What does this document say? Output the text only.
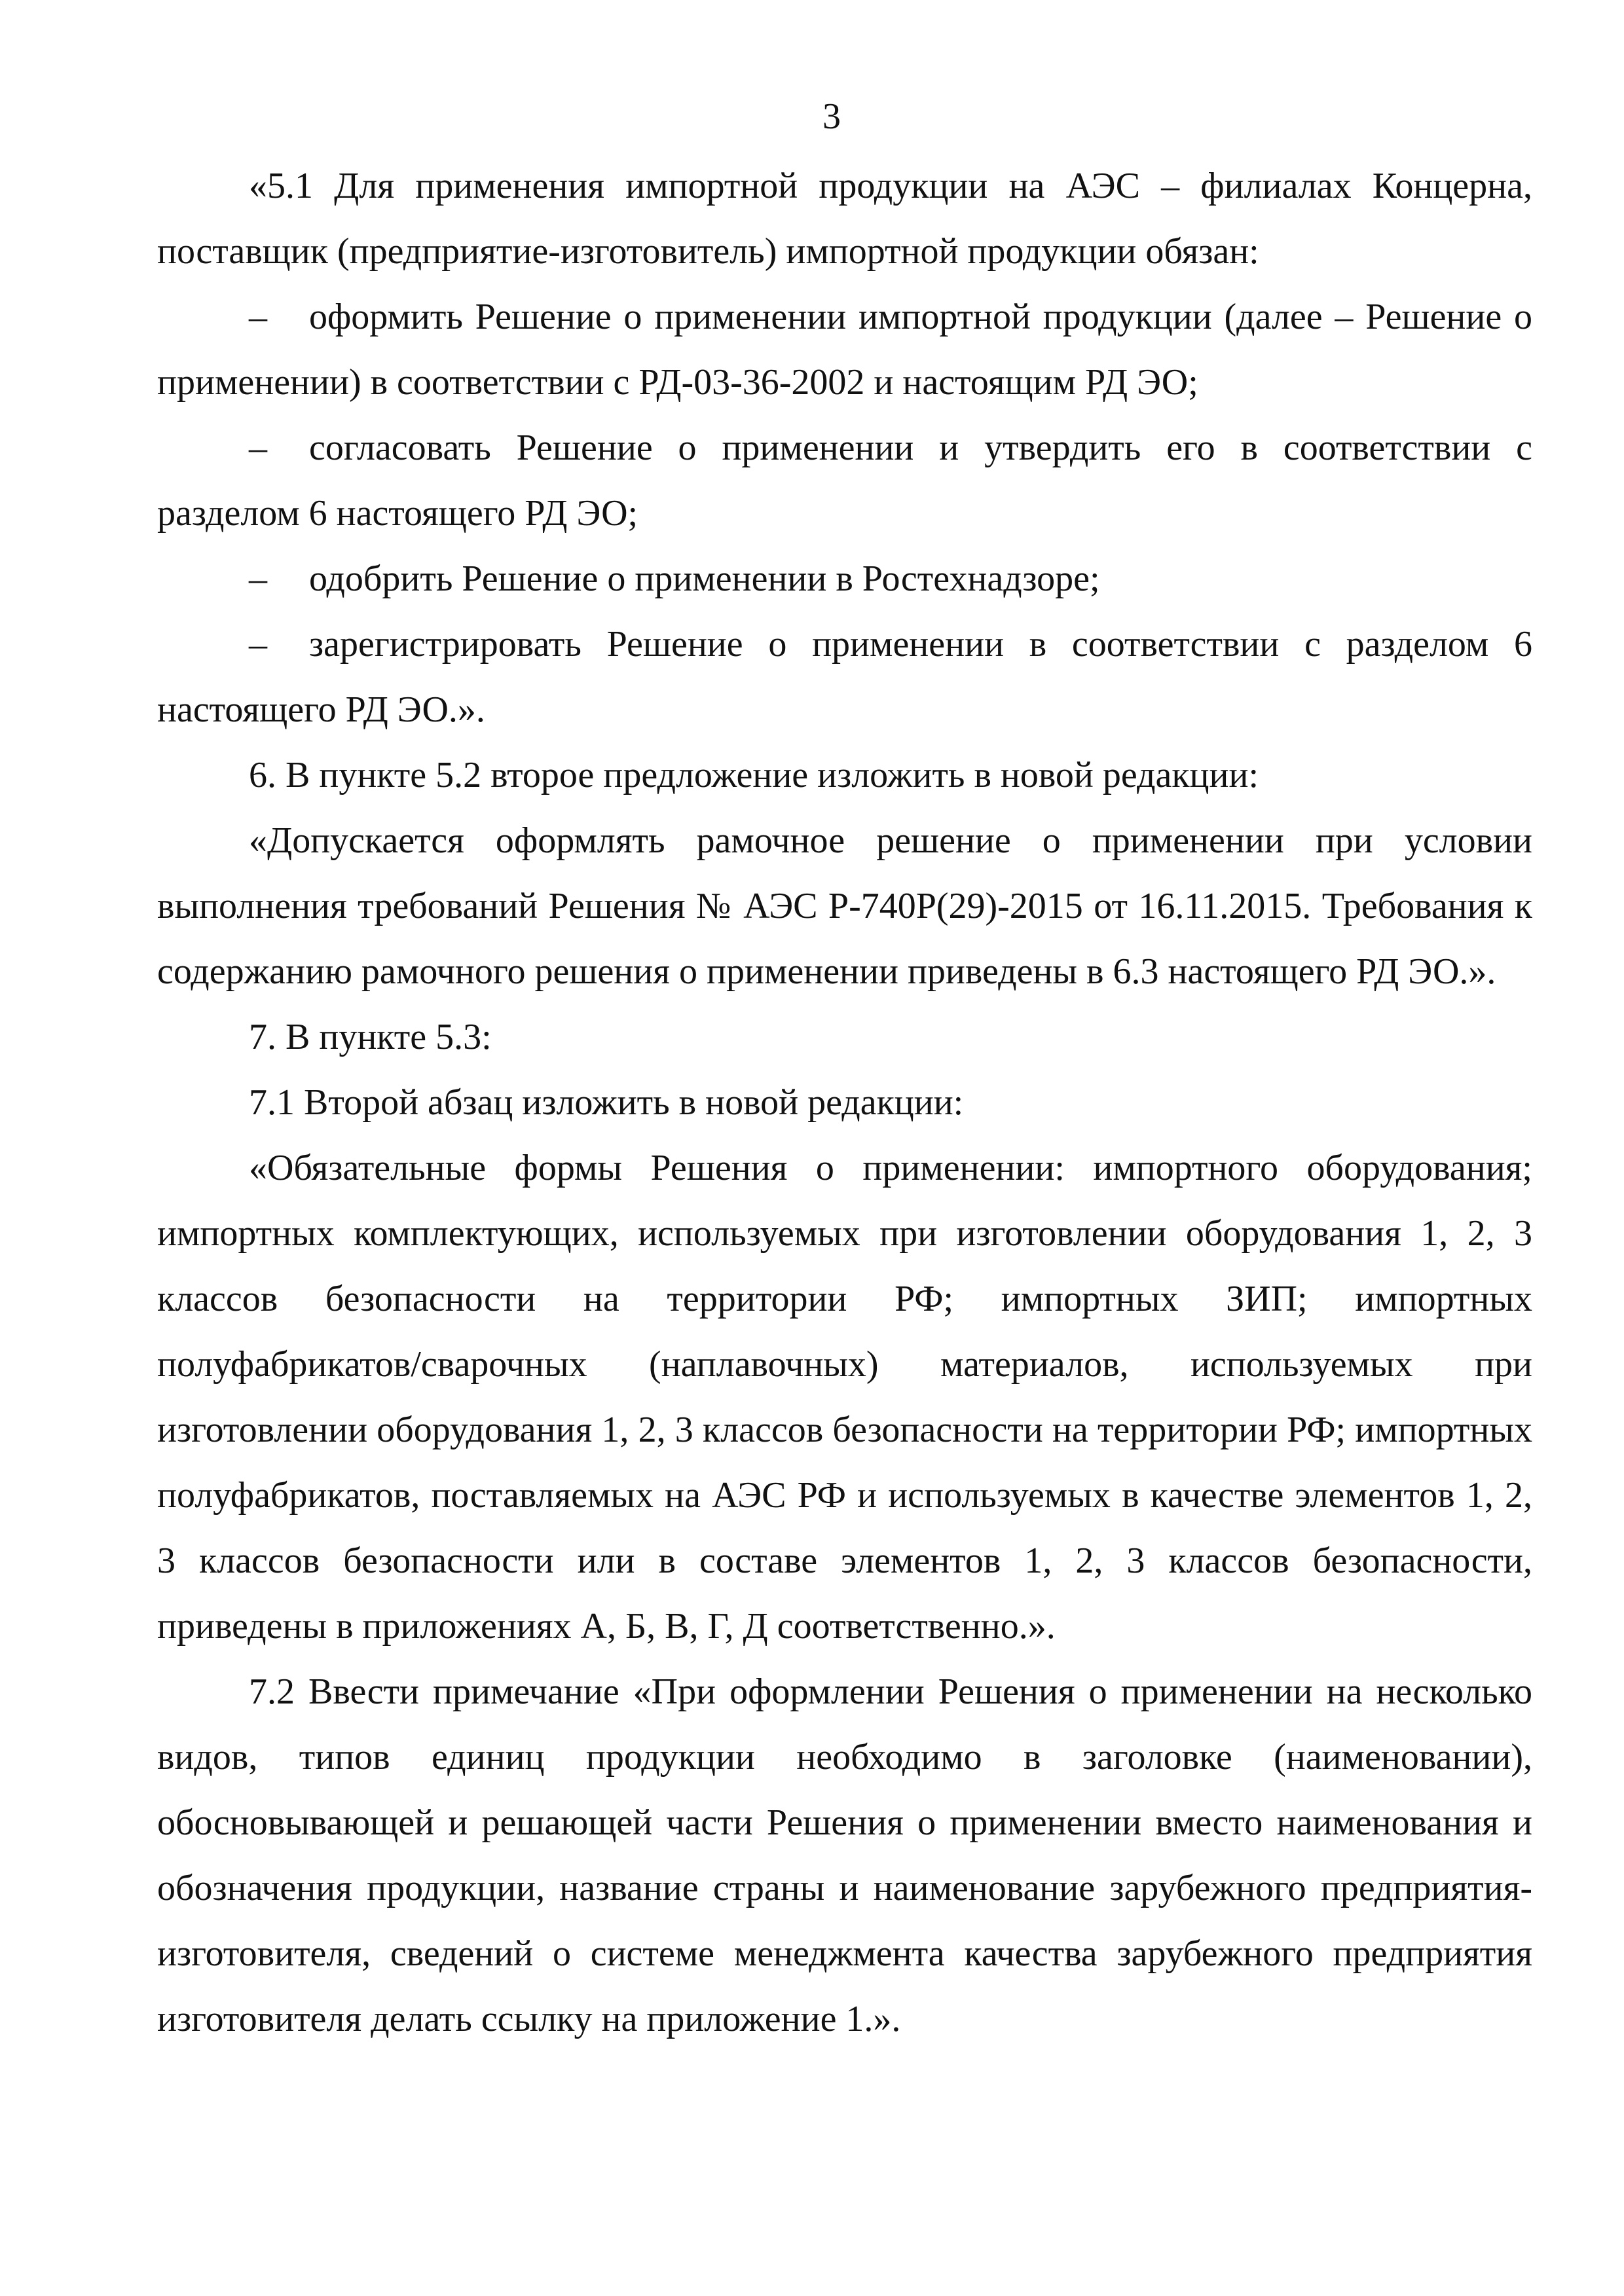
3

«5.1 Для применения импортной продукции на АЭС – филиалах Концерна, поставщик (предприятие-изготовитель) импортной продукции обязан:

– оформить Решение о применении импортной продукции (далее – Решение о применении) в соответствии с РД-03-36-2002 и настоящим РД ЭО;

– согласовать Решение о применении и утвердить его в соответствии с разделом 6 настоящего РД ЭО;

– одобрить Решение о применении в Ростехнадзоре;

– зарегистрировать Решение о применении в соответствии с разделом 6 настоящего РД ЭО.».

6. В пункте 5.2 второе предложение изложить в новой редакции:

«Допускается оформлять рамочное решение о применении при условии выполнения требований Решения № АЭС Р-740Р(29)-2015 от 16.11.2015. Требования к содержанию рамочного решения о применении приведены в 6.3 настоящего РД ЭО.».

7. В пункте 5.3:

7.1 Второй абзац изложить в новой редакции:

«Обязательные формы Решения о применении: импортного оборудования; импортных комплектующих, используемых при изготовлении оборудования 1, 2, 3 классов безопасности на территории РФ; импортных ЗИП; импортных полуфабрикатов/сварочных (наплавочных) материалов, используемых при изготовлении оборудования 1, 2, 3 классов безопасности на территории РФ; импортных полуфабрикатов, поставляемых на АЭС РФ и используемых в качестве элементов 1, 2, 3 классов безопасности или в составе элементов 1, 2, 3 классов безопасности, приведены в приложениях А, Б, В, Г, Д соответственно.».

7.2 Ввести примечание «При оформлении Решения о применении на несколько видов, типов единиц продукции необходимо в заголовке (наименовании), обосновывающей и решающей части Решения о применении вместо наименования и обозначения продукции, название страны и наименование зарубежного предприятия-изготовителя, сведений о системе менеджмента качества зарубежного предприятия изготовителя делать ссылку на приложение 1.».
